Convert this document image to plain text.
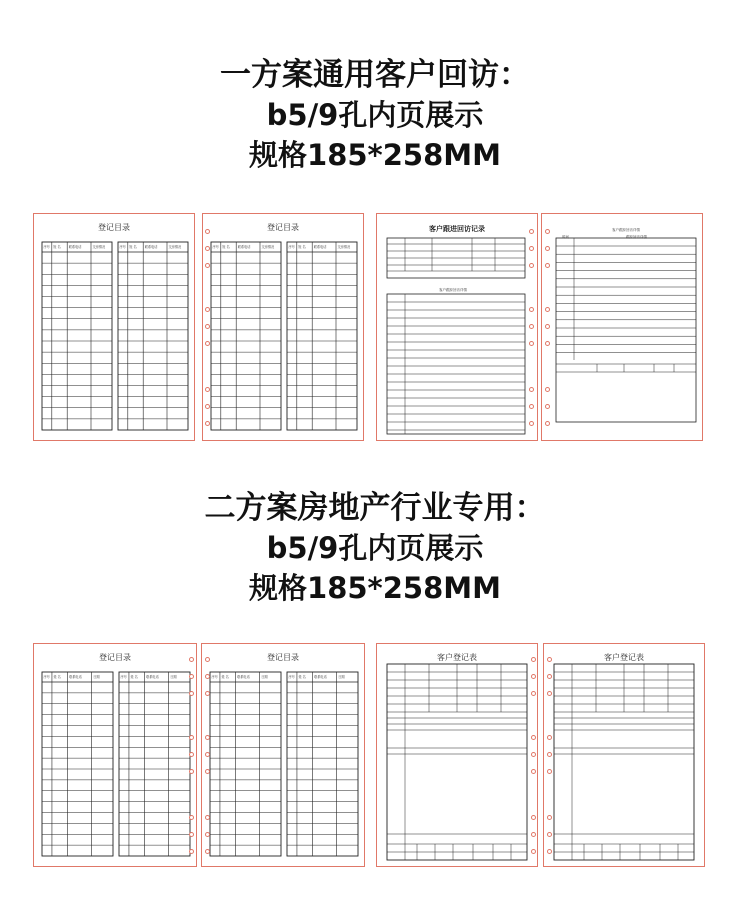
一方案通用客户回访：
b5/9孔内页展示
规格185*258MM
登记目录
序号 姓 名	联系电话	交房情况	序号 姓 名	联系电话	交房情况
登记目录
序号 姓 名	联系电话	交房情况	序号 姓 名	联系电话	交房情况
客户跟进回访记录
客户跟踪回访详情
客户跟踪回访详情
时间	跟踪回访详情
二方案房地产行业专用：
b5/9孔内页展示
规格185*258MM
登记目录
序号 姓 名	联系电话	日期	序号 姓 名	联系电话	日期
登记目录
序号 姓 名	联系电话	日期	序号 姓 名	联系电话	日期
客户登记表	客户登记表
